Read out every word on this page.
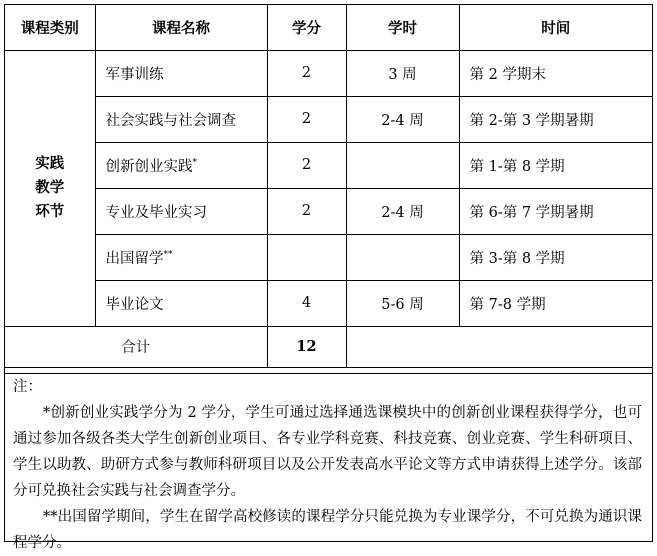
课程类别	课程名称	学分	学时	时间

实践
教学
环节	军事训练	2	3 周	第 2 学期末
	社会实践与社会调查	2	2-4 周	第 2-第 3 学期暑期
	创新创业实践*	2		第 1-第 8 学期
	专业及毕业实习	2	2-4 周	第 6-第 7 学期暑期
	出国留学**			第 3-第 8 学期
	毕业论文	4	5-6 周	第 7-8 学期
合计		12		

注：

*创新创业实践学分为 2 学分，学生可通过选择通选课模块中的创新创业课程获得学分，也可通过参加各级各类大学生创新创业项目、各专业学科竞赛、科技竞赛、创业竞赛、学生科研项目、学生以助教、助研方式参与教师科研项目以及公开发表高水平论文等方式申请获得上述学分。该部分可兑换社会实践与社会调查学分。

**出国留学期间，学生在留学高校修读的课程学分只能兑换为专业课学分，不可兑换为通识课程学分。
